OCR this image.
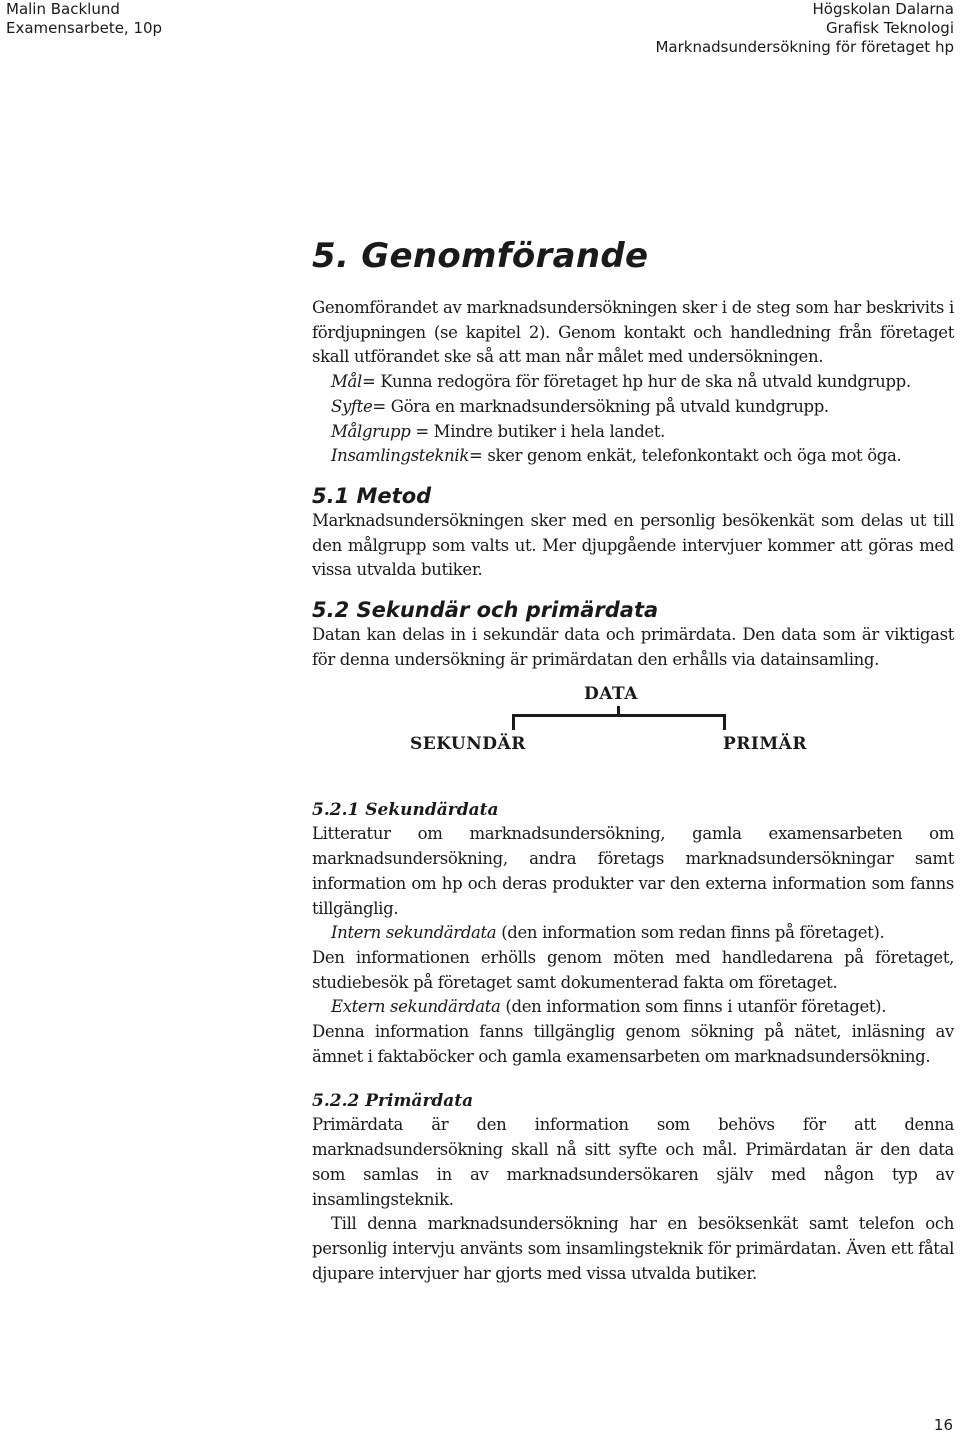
Malin Backlund
Examensarbete, 10p
Högskolan Dalarna
Grafisk Teknologi
Marknadsundersökning för företaget hp
5. Genomförande

Genomförandet av marknadsundersökningen sker i de steg som har beskrivits i fördjupningen (se kapitel 2). Genom kontakt och handledning från företaget skall utförandet ske så att man når målet med undersökningen.

Mål= Kunna redogöra för företaget hp hur de ska nå utvald kundgrupp.

Syfte= Göra en marknadsundersökning på utvald kundgrupp.

Målgrupp = Mindre butiker i hela landet.

Insamlingsteknik= sker genom enkät, telefonkontakt och öga mot öga.

5.1 Metod

Marknadsundersökningen sker med en personlig besökenkät som delas ut till den målgrupp som valts ut. Mer djupgående intervjuer kommer att göras med vissa utvalda butiker.

5.2 Sekundär och primärdata

Datan kan delas in i sekundär data och primärdata. Den data som är viktigast för denna undersökning är primärdatan den erhålls via datainsamling.

DATA
SEKUNDÄR	PRIMÄR
5.2.1 Sekundärdata

Litteratur om marknadsundersökning, gamla examensarbeten om marknadsundersökning, andra företags marknadsundersökningar samt information om hp och deras produkter var den externa information som fanns tillgänglig.

Intern sekundärdata (den information som redan finns på företaget).

Den informationen erhölls genom möten med handledarena på företaget, studiebesök på företaget samt dokumenterad fakta om företaget.

Extern sekundärdata (den information som finns i utanför företaget).

Denna information fanns tillgänglig genom sökning på nätet, inläsning av ämnet i faktaböcker och gamla examensarbeten om marknadsundersökning.

5.2.2 Primärdata

Primärdata är den information som behövs för att denna marknadsundersökning skall nå sitt syfte och mål. Primärdatan är den data som samlas in av marknadsundersökaren själv med någon typ av insamlingsteknik.

Till denna marknadsundersökning har en besöksenkät samt telefon och personlig intervju använts som insamlingsteknik för primärdatan. Även ett fåtal djupare intervjuer har gjorts med vissa utvalda butiker.

16
